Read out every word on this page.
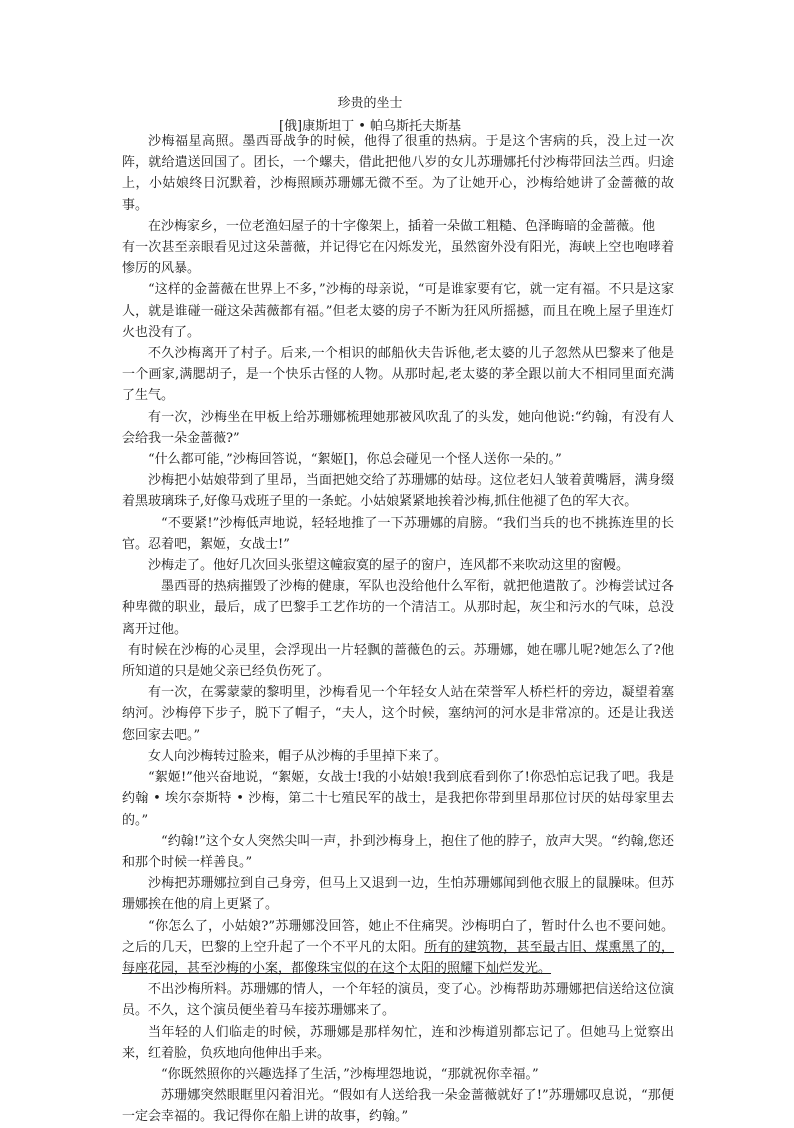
珍贵的坐士
[俄]康斯坦丁 • 帕乌斯托夫斯基

沙梅福星高照。墨西哥战争的时候，他得了很重的热病。于是这个害病的兵，没上过一次阵，就给遣送回国了。团长，一个螺夫，借此把他八岁的女儿苏珊娜托付沙梅带回法兰西。归途上，小姑娘终日沉默着，沙梅照顾苏珊娜无微不至。为了让她开心，沙梅给她讲了金蔷薇的故事。

在沙梅家乡，一位老渔妇屋子的十字像架上，插着一朵做工粗糙、色泽晦暗的金蔷薇。他

有一次甚至亲眼看见过这朵蔷薇，并记得它在闪烁发光，虽然窗外没有阳光，海峡上空也咆哮着惨厉的风暴。

“这样的金蔷薇在世界上不多，”沙梅的母亲说，“可是谁家要有它，就一定有福。不只是这家人，就是谁碰一碰这朵茜薇都有福。”但老太婆的房子不断为狂风所摇撼，而且在晚上屋子里连灯火也没有了。

不久沙梅离开了村子。后来,一个相识的邮船伙夫告诉他,老太婆的儿子忽然从巴黎来了他是一个画家,满腮胡子，是一个快乐古怪的人物。从那时起,老太婆的茅全跟以前大不相同里面充满了生气。

有一次，沙梅坐在甲板上给苏珊娜梳理她那被风吹乱了的头发，她向他说:“约翰，有没有人会给我一朵金蔷薇?”

“什么都可能，”沙梅回答说，“絮姬[]，你总会碰见一个怪人送你一朵的。”

沙梅把小姑娘带到了里昂，当面把她交给了苏珊娜的姑母。这位老妇人皱着黄嘴唇，满身缀着黑玻璃珠子,好像马戏班子里的一条蛇。小姑娘紧紧地挨着沙梅,抓住他褪了色的军大衣。

“不要紧!”沙梅低声地说，轻轻地推了一下苏珊娜的肩膀。“我们当兵的也不挑拣连里的长官。忍着吧，絮姬，女战士!”

沙梅走了。他好几次回头张望这幢寂寞的屋子的窗户，连风都不来吹动这里的窗幔。

墨西哥的热病摧毁了沙梅的健康，军队也没给他什么军衔，就把他遣散了。沙梅尝试过各种卑微的职业，最后，成了巴黎手工艺作坊的一个清洁工。从那时起，灰尘和污水的气味，总没离开过他。

有时候在沙梅的心灵里，会浮现出一片轻飘的蔷薇色的云。苏珊娜，她在哪儿呢?她怎么了?他所知道的只是她父亲已经负伤死了。

有一次，在雾蒙蒙的黎明里，沙梅看见一个年轻女人站在荣誉军人桥栏杆的旁边，凝望着塞纳河。沙梅停下步子，脱下了帽子，“夫人，这个时候，塞纳河的河水是非常凉的。还是让我送您回家去吧。”

女人向沙梅转过脸来，帽子从沙梅的手里掉下来了。

“絮姬!”他兴奋地说，“絮姬，女战士!我的小姑娘!我到底看到你了!你恐怕忘记我了吧。我是约翰 • 埃尔奈斯特 • 沙梅，第二十七殖民军的战士，是我把你带到里昂那位讨厌的姑母家里去的。”

“约翰!”这个女人突然尖叫一声，扑到沙梅身上，抱住了他的脖子，放声大哭。“约翰,您还和那个时候一样善良。”

沙梅把苏珊娜拉到自己身旁，但马上又退到一边，生怕苏珊娜闻到他衣服上的鼠臊味。但苏珊娜挨在他的肩上更紧了。

“你怎么了，小姑娘?”苏珊娜没回答，她止不住痛哭。沙梅明白了，暂时什么也不要问她。之后的几天，巴黎的上空升起了一个不平凡的太阳。所有的建筑物，甚至最古旧、煤熏黑了的，每座花园，甚至沙梅的小案，都像珠宝似的在这个太阳的照耀下灿烂发光。

不出沙梅所料。苏珊娜的情人，一个年轻的演员，变了心。沙梅帮助苏珊娜把信送给这位演员。不久，这个演员便坐着马车接苏珊娜来了。

当年轻的人们临走的时候，苏珊娜是那样匆忙，连和沙梅道别都忘记了。但她马上觉察出来，红着脸，负疚地向他伸出手来。

“你既然照你的兴趣选择了生活，”沙梅埋怨地说，“那就祝你幸福。”

苏珊娜突然眼眶里闪着泪光。“假如有人送给我一朵金蔷薇就好了!”苏珊娜叹息说，“那便一定会幸福的。我记得你在船上讲的故事，约翰。”
